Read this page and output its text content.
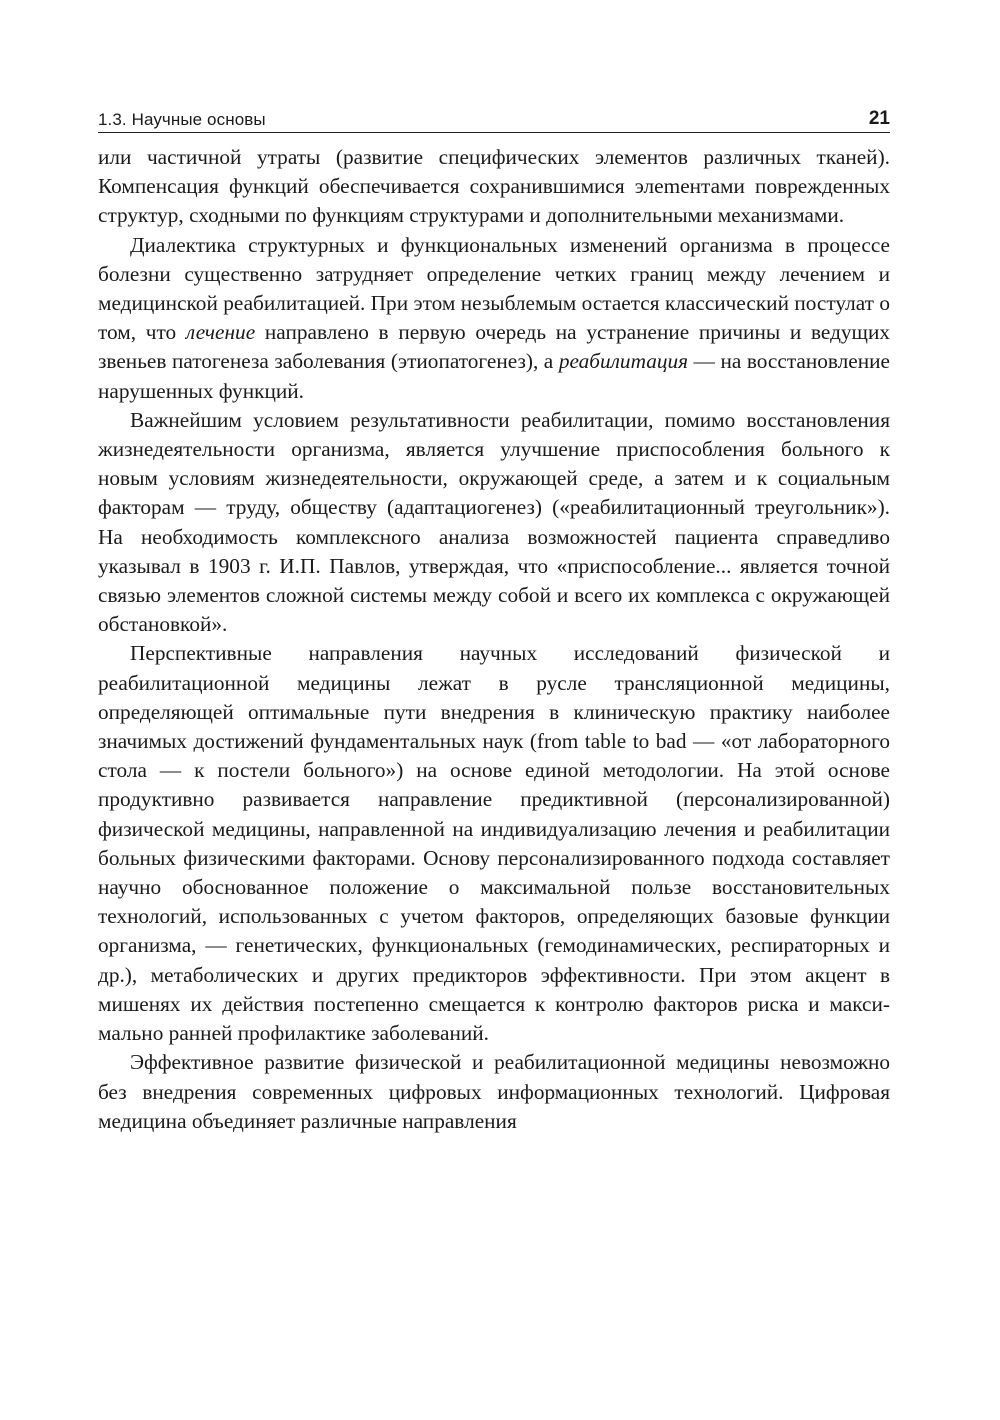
1.3. Научные основы	21

или частичной утраты (развитие специфических элементов различных тканей). Компенсация функций обеспечивается сохранившимися элеmентами поврежденных структур, сходными по функциям структурами и дополнительными механизмами.

Диалектика структурных и функциональных изменений организма в процессе болезни существенно затрудняет определение четких границ между лечением и медицинской реабилитацией. При этом незыблемым остается классический постулат о том, что лечение направлено в первую очередь на устранение причины и ведущих звеньев патогенеза заболевания (этиопатогенез), а реабилитация — на восстановление нарушенных функций.

Важнейшим условием результативности реабилитации, помимо восстановления жизнедеятельности организма, является улучшение приспособления больного к новым условиям жизнедеятельности, окружающей среде, а затем и к социальным факторам — труду, обществу (адаптациогенез) («реабилитационный треугольник»). На необходимость комплексного анализа возможностей пациента справедливо указывал в 1903 г. И.П. Павлов, утверждая, что «приспособление... является точной связью элементов сложной системы между собой и всего их комплекса с окружающей обстановкой».

Перспективные направления научных исследований физической и реабилитационной медицины лежат в русле трансляционной медицины, определяющей оптимальные пути внедрения в клиническую практику наиболее значимых достижений фундаментальных наук (from table to bad — «от лабораторного стола — к постели больного») на основе единой методологии. На этой основе продуктивно развивается направление предиктивной (персонализированной) физической медицины, направленной на индивидуализацию лечения и реабилитации больных физическими факторами. Основу персонализированного подхода составляет научно обоснованное положение о максимальной пользе восстановительных технологий, использованных с учетом факторов, определяющих базовые функции организма, — генетических, функциональных (гемодинамических, респираторных и др.), метаболических и других предикторов эффективности. При этом акцент в мишенях их действия постепенно смещается к контролю факторов риска и максимально ранней профилактике заболеваний.

Эффективное развитие физической и реабилитационной медицины невозможно без внедрения современных цифровых информационных технологий. Цифровая медицина объединяет различные направления
